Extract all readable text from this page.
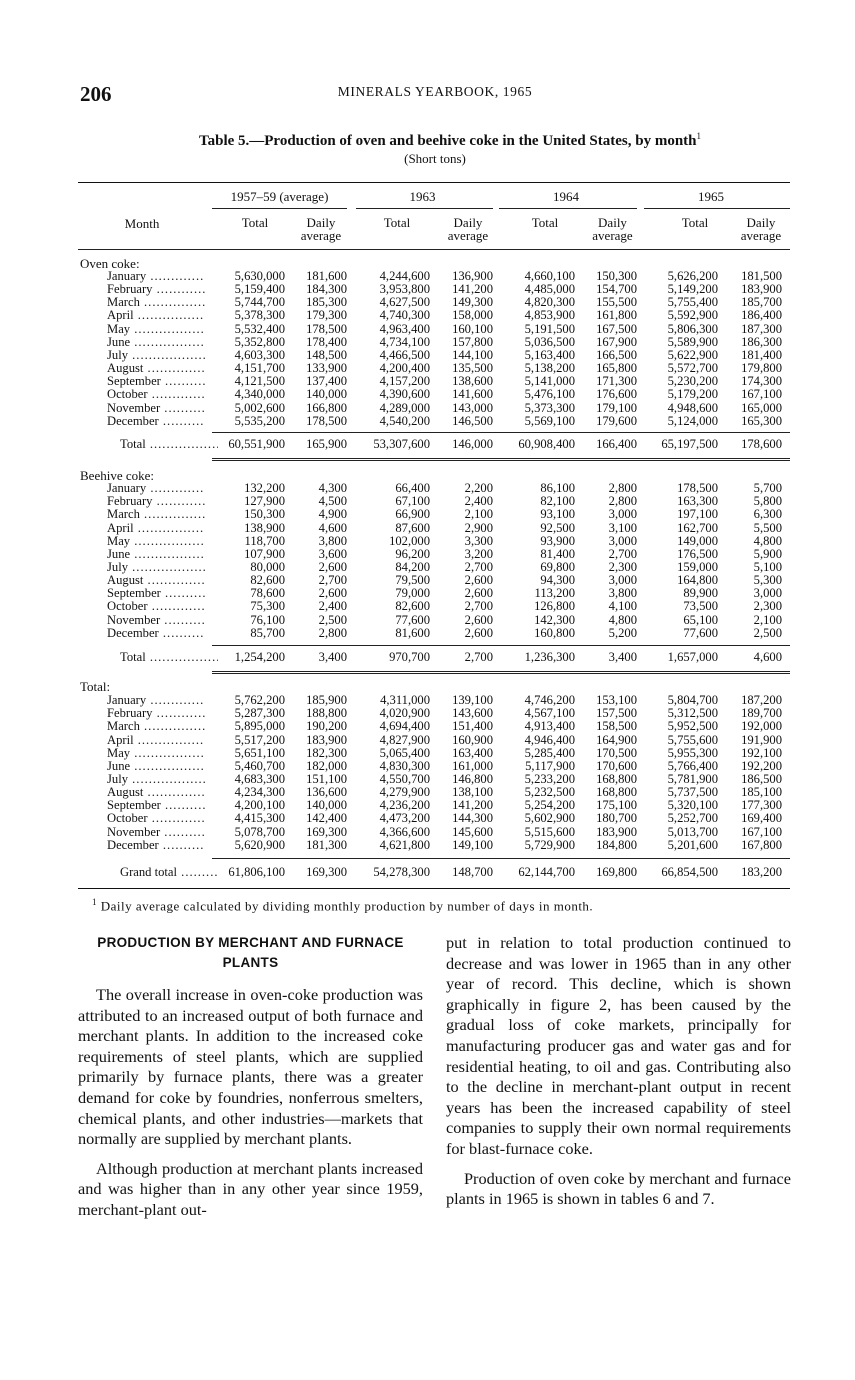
206	MINERALS YEARBOOK, 1965
Table 5.—Production of oven and beehive coke in the United States, by month$^1$
(Short tons)
1957–59 (average)	1963	1964	1965
Month	Total	Daily
average
Total	Daily
average
Total	Daily
average
Total	Daily
average
Oven coke:
January .....	5,630,000	181,600	4,244,600	136,900	4,660,100	150,300	5,626,200	181,500
February .....	5,159,400	184,300	3,953,800	141,200	4,485,000	154,700	5,149,200	183,900
March .....	5,744,700	185,300	4,627,500	149,300	4,820,300	155,500	5,755,400	185,700
April .....	5,378,300	179,300	4,740,300	158,000	4,853,900	161,800	5,592,900	186,400
May .....	5,532,400	178,500	4,963,400	160,100	5,191,500	167,500	5,806,300	187,300
June .....	5,352,800	178,400	4,734,100	157,800	5,036,500	167,900	5,589,900	186,300
July .....	4,603,300	148,500	4,466,500	144,100	5,163,400	166,500	5,622,900	181,400
August .....	4,151,700	133,900	4,200,400	135,500	5,138,200	165,800	5,572,700	179,800
September .....	4,121,500	137,400	4,157,200	138,600	5,141,000	171,300	5,230,200	174,300
October .....	4,340,000	140,000	4,390,600	141,600	5,476,100	176,600	5,179,200	167,100
November .....	5,002,600	166,800	4,289,000	143,000	5,373,300	179,100	4,948,600	165,000
December .....	5,535,200	178,500	4,540,200	146,500	5,569,100	179,600	5,124,000	165,300
Total .....	60,551,900	165,900	53,307,600	146,000	60,908,400	166,400	65,197,500	178,600
Beehive coke:
January .....	132,200	4,300	66,400	2,200	86,100	2,800	178,500	5,700
February .....	127,900	4,500	67,100	2,400	82,100	2,800	163,300	5,800
March .....	150,300	4,900	66,900	2,100	93,100	3,000	197,100	6,300
April .....	138,900	4,600	87,600	2,900	92,500	3,100	162,700	5,500
May .....	118,700	3,800	102,000	3,300	93,900	3,000	149,000	4,800
June .....	107,900	3,600	96,200	3,200	81,400	2,700	176,500	5,900
July .....	80,000	2,600	84,200	2,700	69,800	2,300	159,000	5,100
August .....	82,600	2,700	79,500	2,600	94,300	3,000	164,800	5,300
September .....	78,600	2,600	79,000	2,600	113,200	3,800	89,900	3,000
October .....	75,300	2,400	82,600	2,700	126,800	4,100	73,500	2,300
November .....	76,100	2,500	77,600	2,600	142,300	4,800	65,100	2,100
December .....	85,700	2,800	81,600	2,600	160,800	5,200	77,600	2,500
Total .....	1,254,200	3,400	970,700	2,700	1,236,300	3,400	1,657,000	4,600
Total:
January .....	5,762,200	185,900	4,311,000	139,100	4,746,200	153,100	5,804,700	187,200
February .....	5,287,300	188,800	4,020,900	143,600	4,567,100	157,500	5,312,500	189,700
March .....	5,895,000	190,200	4,694,400	151,400	4,913,400	158,500	5,952,500	192,000
April .....	5,517,200	183,900	4,827,900	160,900	4,946,400	164,900	5,755,600	191,900
May .....	5,651,100	182,300	5,065,400	163,400	5,285,400	170,500	5,955,300	192,100
June .....	5,460,700	182,000	4,830,300	161,000	5,117,900	170,600	5,766,400	192,200
July .....	4,683,300	151,100	4,550,700	146,800	5,233,200	168,800	5,781,900	186,500
August .....	4,234,300	136,600	4,279,900	138,100	5,232,500	168,800	5,737,500	185,100
September .....	4,200,100	140,000	4,236,200	141,200	5,254,200	175,100	5,320,100	177,300
October .....	4,415,300	142,400	4,473,200	144,300	5,602,900	180,700	5,252,700	169,400
November .....	5,078,700	169,300	4,366,600	145,600	5,515,600	183,900	5,013,700	167,100
December .....	5,620,900	181,300	4,621,800	149,100	5,729,900	184,800	5,201,600	167,800
Grand total .....	61,806,100	169,300	54,278,300	148,700	62,144,700	169,800	66,854,500	183,200
$^1$ Daily average calculated by dividing monthly production by number of days in month.
PRODUCTION BY MERCHANT AND FURNACE PLANTS

The overall increase in oven-coke production was attributed to an increased output of both furnace and merchant plants. In addition to the increased coke requirements of steel plants, which are supplied primarily by furnace plants, there was a greater demand for coke by foundries, nonferrous smelters, chemical plants, and other industries—markets that normally are supplied by merchant plants.

Although production at merchant plants increased and was higher than in any other year since 1959, merchant-plant out-

put in relation to total production continued to decrease and was lower in 1965 than in any other year of record. This decline, which is shown graphically in figure 2, has been caused by the gradual loss of coke markets, principally for manufacturing producer gas and water gas and for residential heating, to oil and gas. Contributing also to the decline in merchant-plant output in recent years has been the increased capability of steel companies to supply their own normal requirements for blast-furnace coke.

Production of oven coke by merchant and furnace plants in 1965 is shown in tables 6 and 7.
